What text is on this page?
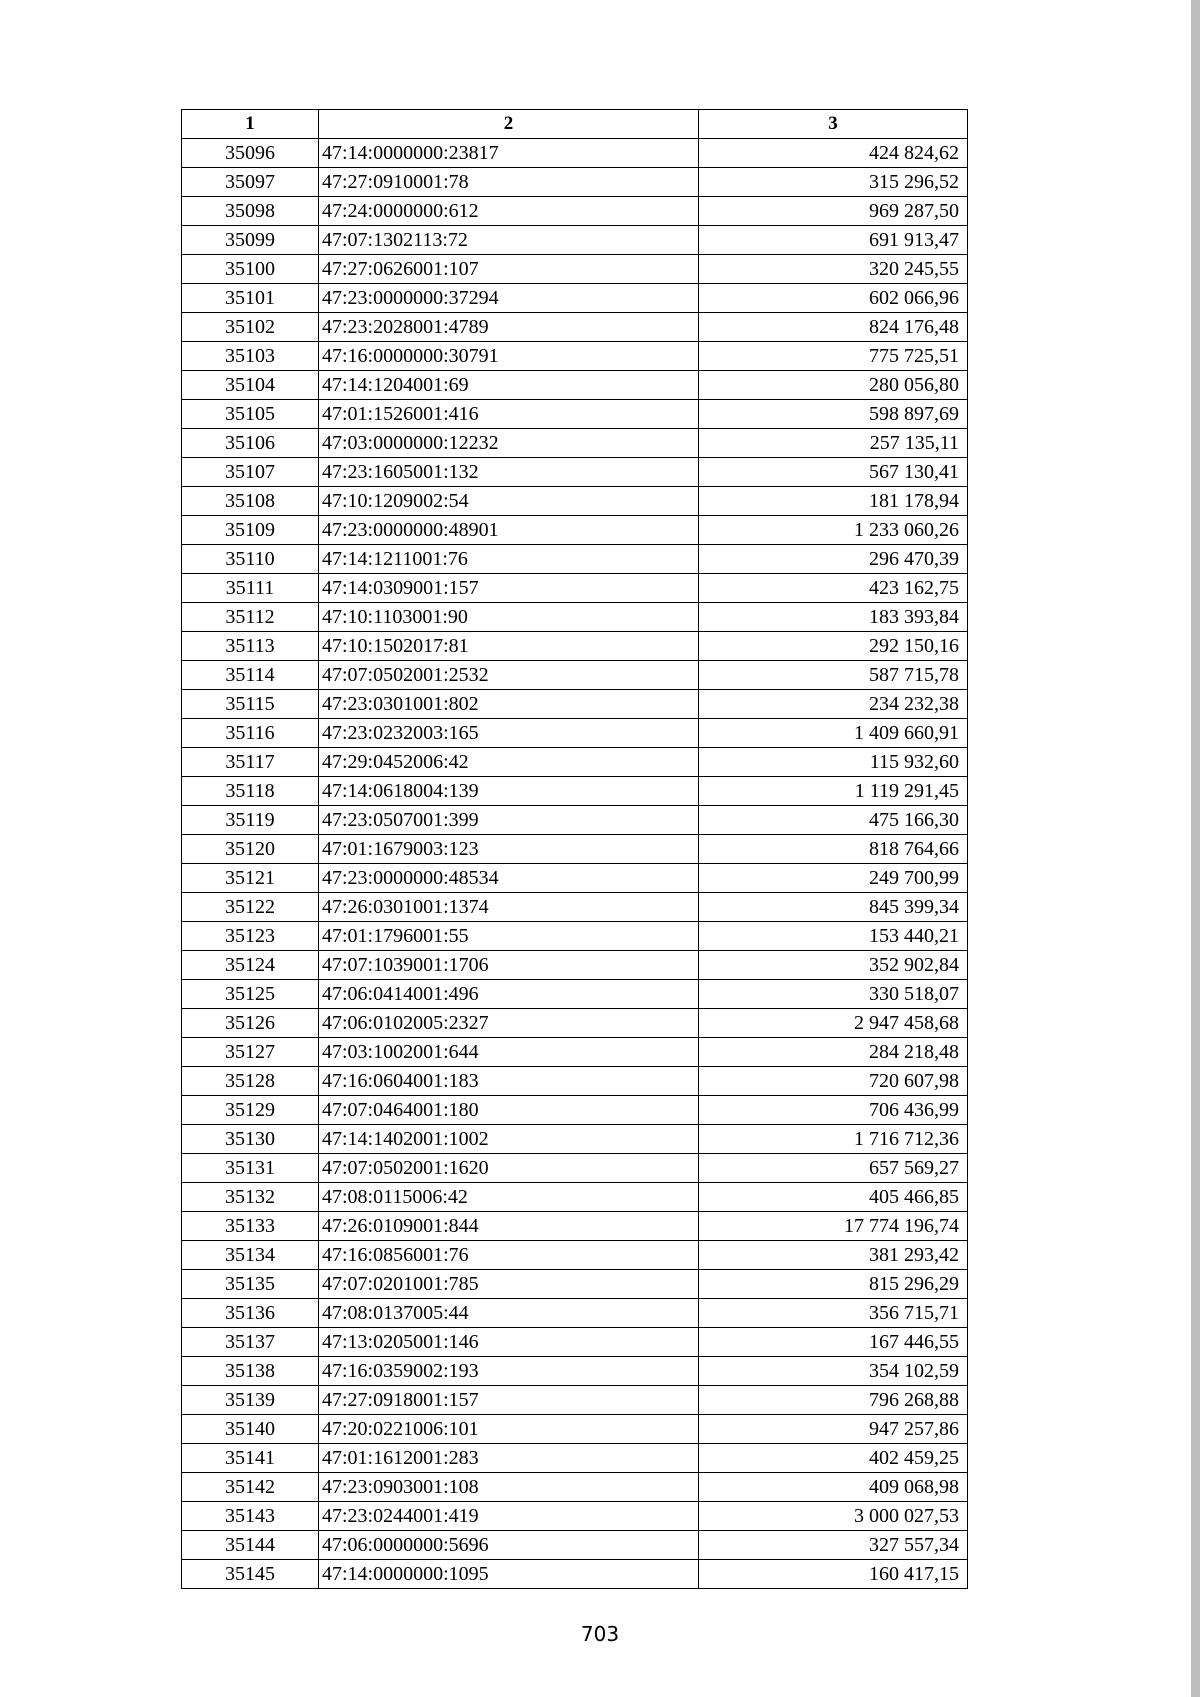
1	2	3
35096	47:14:0000000:23817	424 824,62
35097	47:27:0910001:78	315 296,52
35098	47:24:0000000:612	969 287,50
35099	47:07:1302113:72	691 913,47
35100	47:27:0626001:107	320 245,55
35101	47:23:0000000:37294	602 066,96
35102	47:23:2028001:4789	824 176,48
35103	47:16:0000000:30791	775 725,51
35104	47:14:1204001:69	280 056,80
35105	47:01:1526001:416	598 897,69
35106	47:03:0000000:12232	257 135,11
35107	47:23:1605001:132	567 130,41
35108	47:10:1209002:54	181 178,94
35109	47:23:0000000:48901	1 233 060,26
35110	47:14:1211001:76	296 470,39
35111	47:14:0309001:157	423 162,75
35112	47:10:1103001:90	183 393,84
35113	47:10:1502017:81	292 150,16
35114	47:07:0502001:2532	587 715,78
35115	47:23:0301001:802	234 232,38
35116	47:23:0232003:165	1 409 660,91
35117	47:29:0452006:42	115 932,60
35118	47:14:0618004:139	1 119 291,45
35119	47:23:0507001:399	475 166,30
35120	47:01:1679003:123	818 764,66
35121	47:23:0000000:48534	249 700,99
35122	47:26:0301001:1374	845 399,34
35123	47:01:1796001:55	153 440,21
35124	47:07:1039001:1706	352 902,84
35125	47:06:0414001:496	330 518,07
35126	47:06:0102005:2327	2 947 458,68
35127	47:03:1002001:644	284 218,48
35128	47:16:0604001:183	720 607,98
35129	47:07:0464001:180	706 436,99
35130	47:14:1402001:1002	1 716 712,36
35131	47:07:0502001:1620	657 569,27
35132	47:08:0115006:42	405 466,85
35133	47:26:0109001:844	17 774 196,74
35134	47:16:0856001:76	381 293,42
35135	47:07:0201001:785	815 296,29
35136	47:08:0137005:44	356 715,71
35137	47:13:0205001:146	167 446,55
35138	47:16:0359002:193	354 102,59
35139	47:27:0918001:157	796 268,88
35140	47:20:0221006:101	947 257,86
35141	47:01:1612001:283	402 459,25
35142	47:23:0903001:108	409 068,98
35143	47:23:0244001:419	3 000 027,53
35144	47:06:0000000:5696	327 557,34
35145	47:14:0000000:1095	160 417,15
703
